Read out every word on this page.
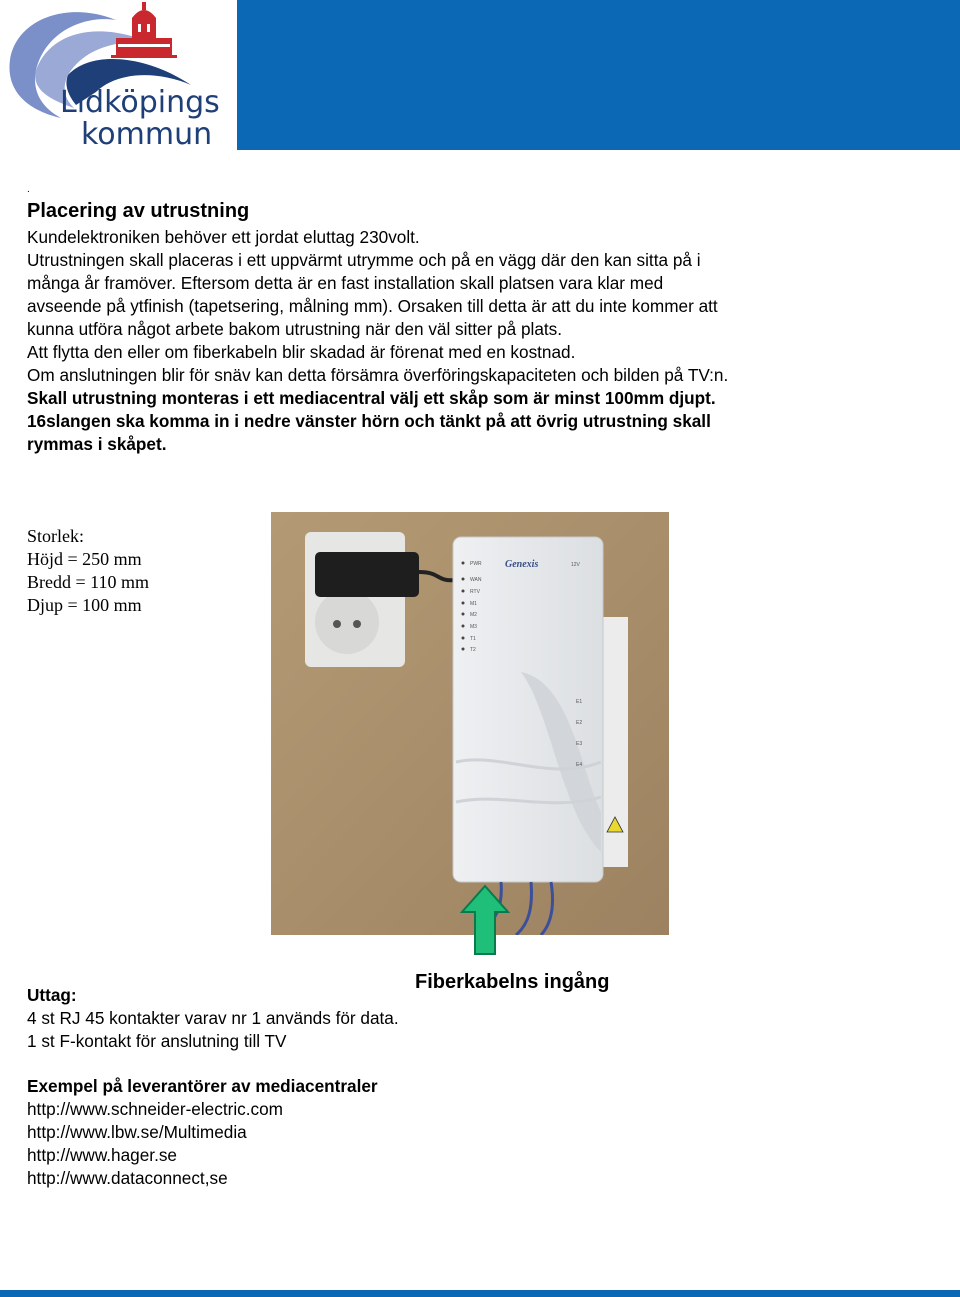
Lidköpings
kommun
.
Placering av utrustning

Kundelektroniken behöver ett jordat eluttag 230volt.

Utrustningen skall placeras i ett uppvärmt utrymme och på en vägg där den kan sitta på i

många år framöver. Eftersom detta är en fast installation skall platsen vara klar med

avseende på ytfinish (tapetsering, målning mm). Orsaken till detta är att du inte kommer att

kunna utföra något arbete bakom utrustning när den väl sitter på plats.

Att flytta den eller om fiberkabeln blir skadad är förenat med en kostnad.

Om anslutningen blir för snäv kan detta försämra överföringskapaciteten och bilden på TV:n.

Skall utrustning monteras i ett mediacentral välj ett skåp som är minst 100mm djupt.

16slangen ska komma in i nedre vänster hörn och tänkt på att övrig utrustning skall

rymmas i skåpet.

Storlek:
Höjd = 250 mm
Bredd = 110 mm
Djup = 100 mm
Genexis	12V
PWR
WAN
RTV
M1
M2
M3
T1
T2
E1
E2
E3
E4
Fiberkabelns ingång
Uttag:
4 st RJ 45 kontakter varav nr 1 används för data.
1 st F-kontakt för anslutning till TV
Exempel på leverantörer av mediacentraler
http://www.schneider-electric.com
http://www.lbw.se/Multimedia
http://www.hager.se
http://www.dataconnect,se
